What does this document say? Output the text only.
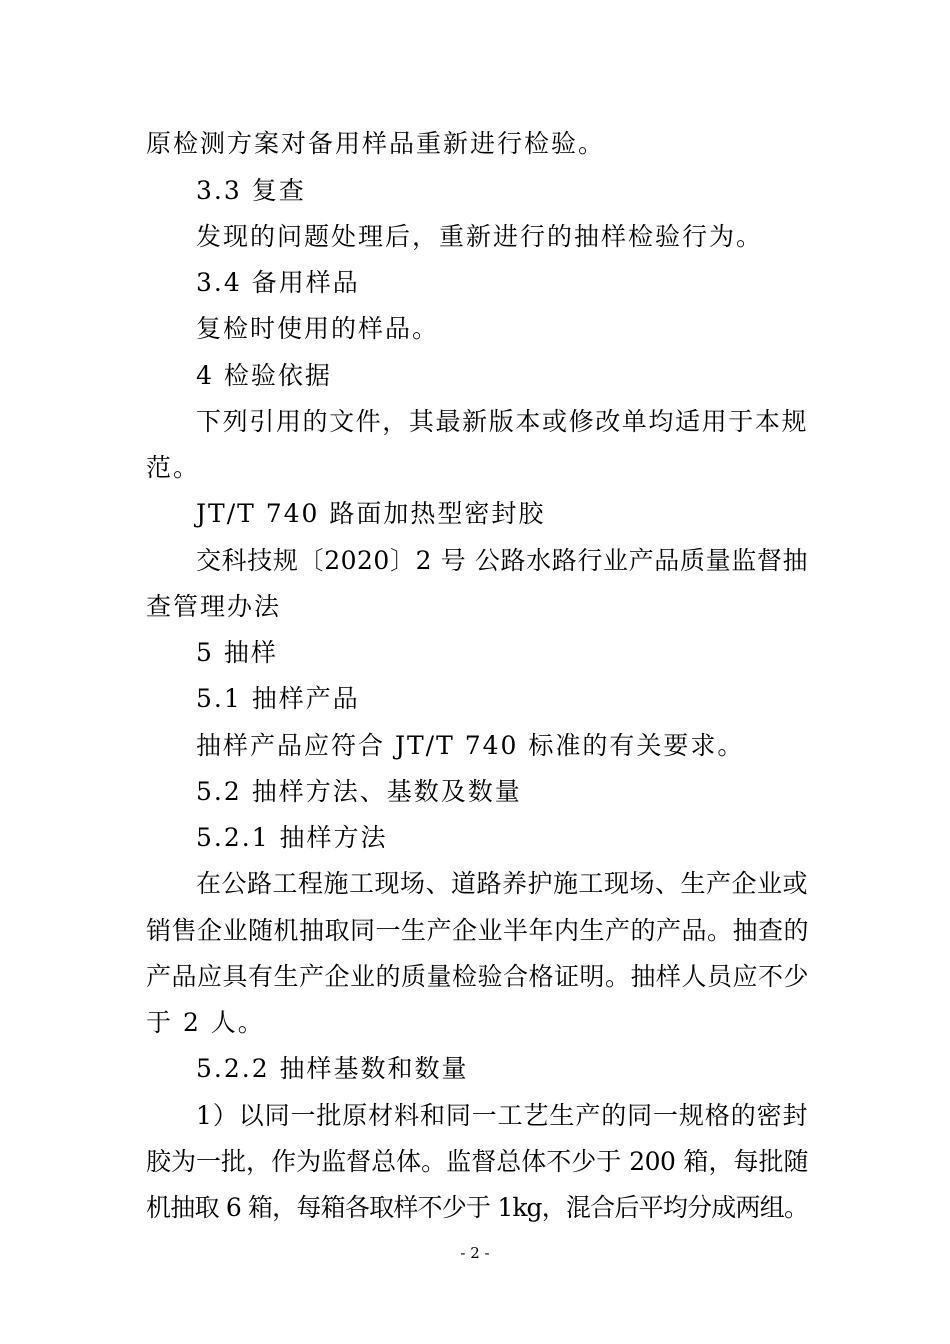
原检测方案对备用样品重新进行检验。
3.3 复查
发现的问题处理后，重新进行的抽样检验行为。
3.4 备用样品
复检时使用的样品。
4 检验依据
下列引用的文件，其最新版本或修改单均适用于本规
范。
JT/T 740 路面加热型密封胶
交科技规〔2020〕2 号 公路水路行业产品质量监督抽
查管理办法
5 抽样
5.1 抽样产品
抽样产品应符合 JT/T 740 标准的有关要求。
5.2 抽样方法、基数及数量
5.2.1 抽样方法
在公路工程施工现场、道路养护施工现场、生产企业或
销售企业随机抽取同一生产企业半年内生产的产品。抽查的
产品应具有生产企业的质量检验合格证明。抽样人员应不少
于 2 人。
5.2.2 抽样基数和数量
1）以同一批原材料和同一工艺生产的同一规格的密封
胶为一批，作为监督总体。监督总体不少于 200 箱，每批随
机抽取 6 箱，每箱各取样不少于 1kg，混合后平均分成两组。
- 2 -
